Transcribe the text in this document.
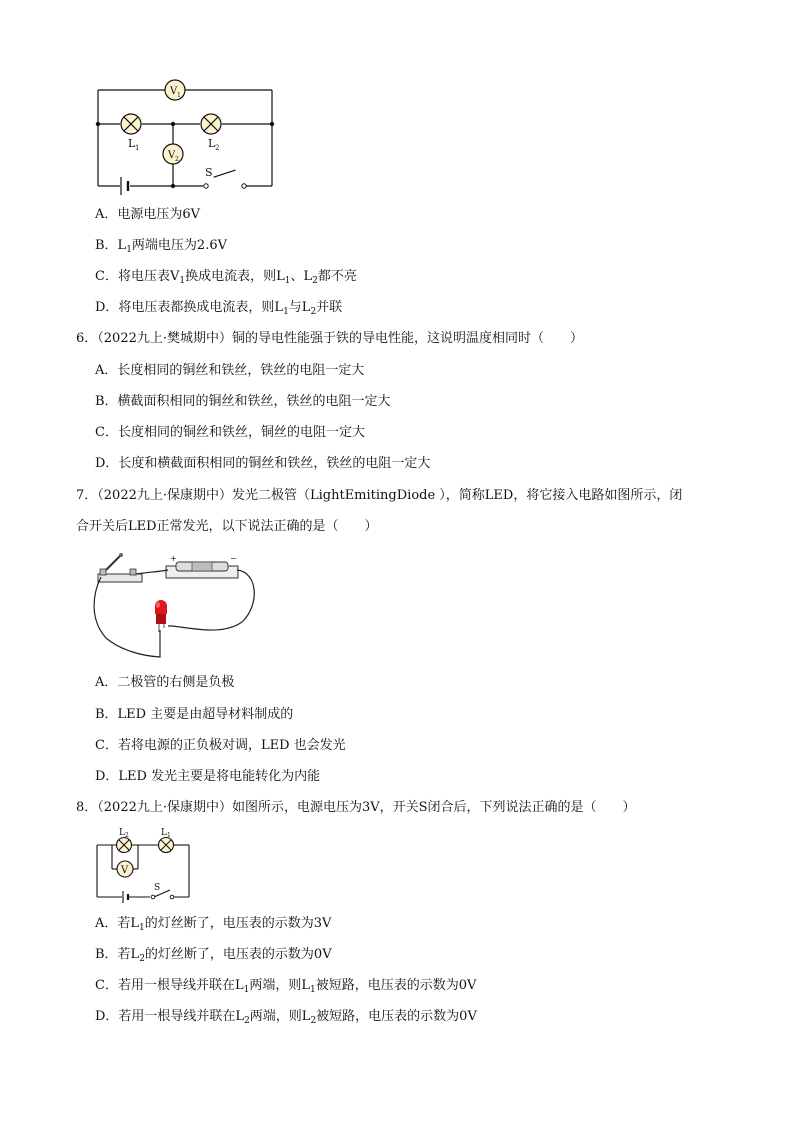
V 1
V 2
L 1	L 2
S
A．电源电压为6V
B．$L_1$两端电压为2.6V
C．将电压表$V_1$换成电流表，则$L_1$、$L_2$都不亮
D．将电压表都换成电流表，则$L_1$与$L_2$并联
6．（2022九上·樊城期中）铜的导电性能强于铁的导电性能，这说明温度相同时（　　）
A．长度相同的铜丝和铁丝，铁丝的电阻一定大
B．横截面积相同的铜丝和铁丝，铁丝的电阻一定大
C．长度相同的铜丝和铁丝，铜丝的电阻一定大
D．长度和横截面积相同的铜丝和铁丝，铁丝的电阻一定大
7．（2022九上·保康期中）发光二极管（LightEmitingDiode ），简称LED，将它接入电路如图所示，闭
合开关后LED正常发光，以下说法正确的是（　　）
+	−
A．二极管的右侧是负极
B．LED 主要是由超导材料制成的
C．若将电源的正负极对调，LED 也会发光
D．LED 发光主要是将电能转化为内能
8．（2022九上·保康期中）如图所示，电源电压为3V，开关S闭合后，下列说法正确的是（　　）
V
L 2	L 1
S
A．若$L_1$的灯丝断了，电压表的示数为3V
B．若$L_2$的灯丝断了，电压表的示数为0V
C．若用一根导线并联在$L_1$两端，则$L_1$被短路，电压表的示数为0V
D．若用一根导线并联在$L_2$两端，则$L_2$被短路，电压表的示数为0V
